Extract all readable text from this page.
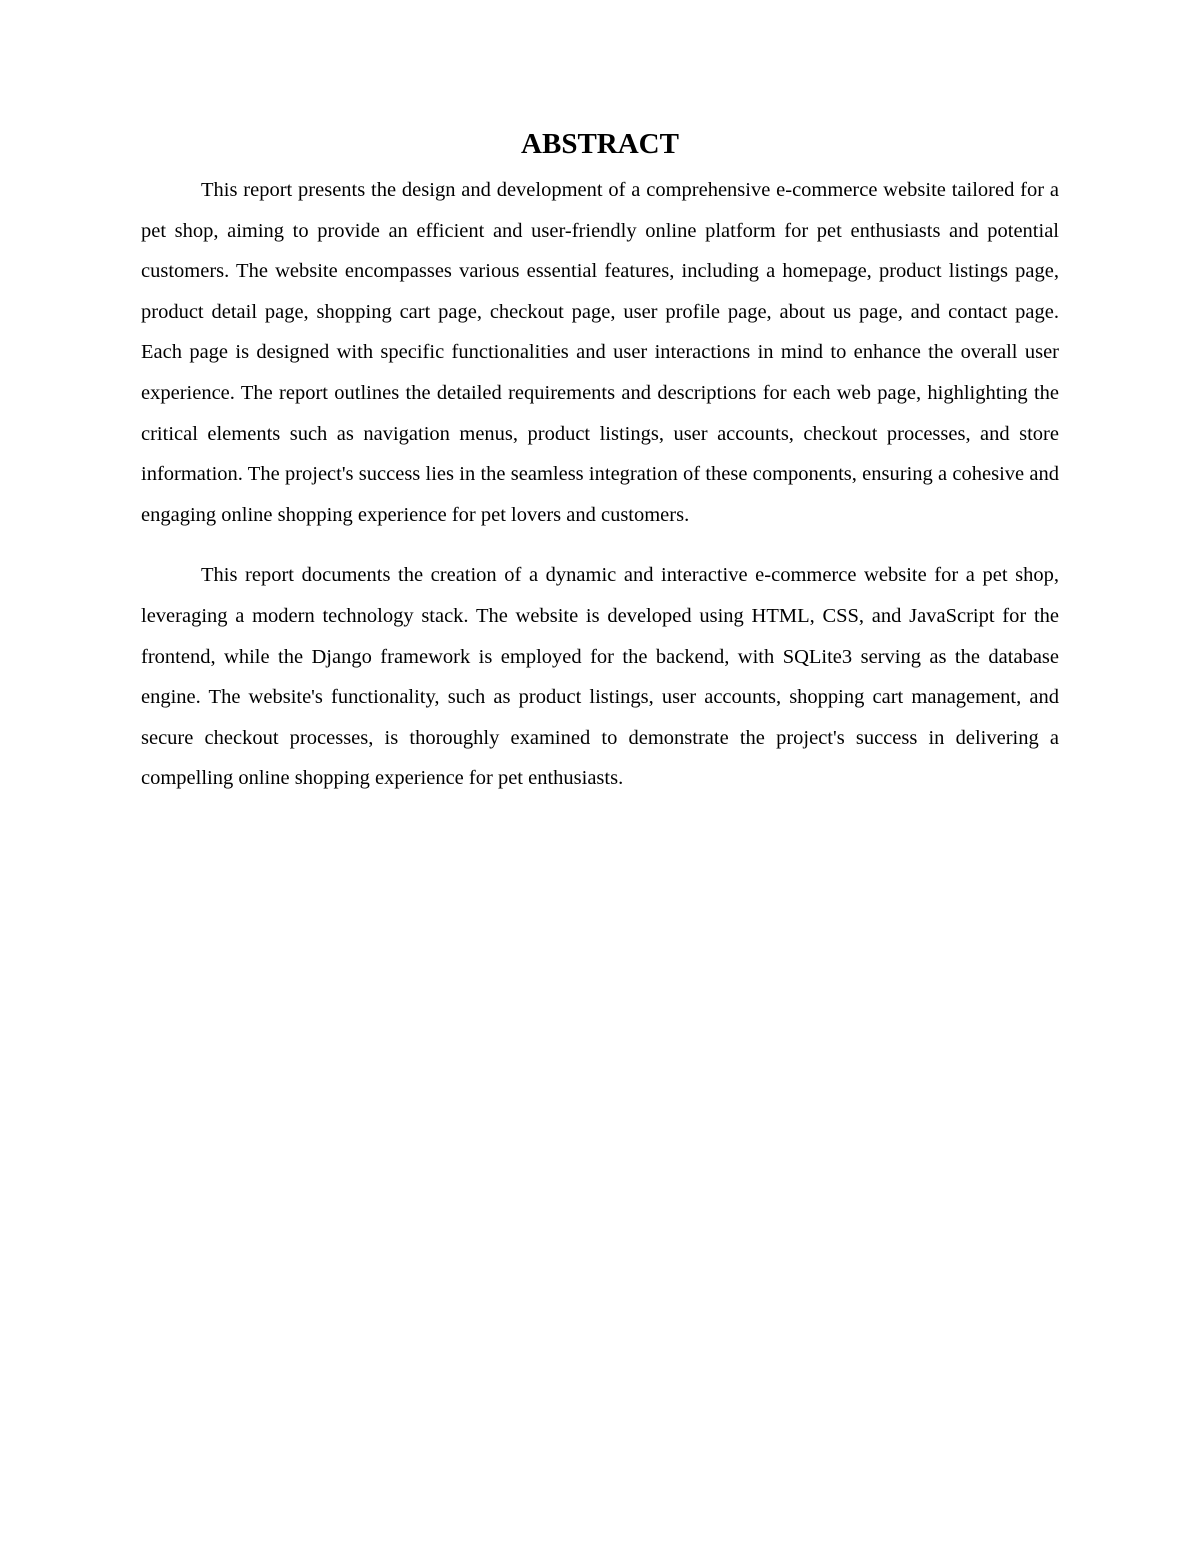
ABSTRACT

This report presents the design and development of a comprehensive e-commerce website tailored for a pet shop, aiming to provide an efficient and user-friendly online platform for pet enthusiasts and potential customers. The website encompasses various essential features, including a homepage, product listings page, product detail page, shopping cart page, checkout page, user profile page, about us page, and contact page. Each page is designed with specific functionalities and user interactions in mind to enhance the overall user experience. The report outlines the detailed requirements and descriptions for each web page, highlighting the critical elements such as navigation menus, product listings, user accounts, checkout processes, and store information. The project's success lies in the seamless integration of these components, ensuring a cohesive and engaging online shopping experience for pet lovers and customers.

This report documents the creation of a dynamic and interactive e-commerce website for a pet shop, leveraging a modern technology stack. The website is developed using HTML, CSS, and JavaScript for the frontend, while the Django framework is employed for the backend, with SQLite3 serving as the database engine. The website's functionality, such as product listings, user accounts, shopping cart management, and secure checkout processes, is thoroughly examined to demonstrate the project's success in delivering a compelling online shopping experience for pet enthusiasts.
